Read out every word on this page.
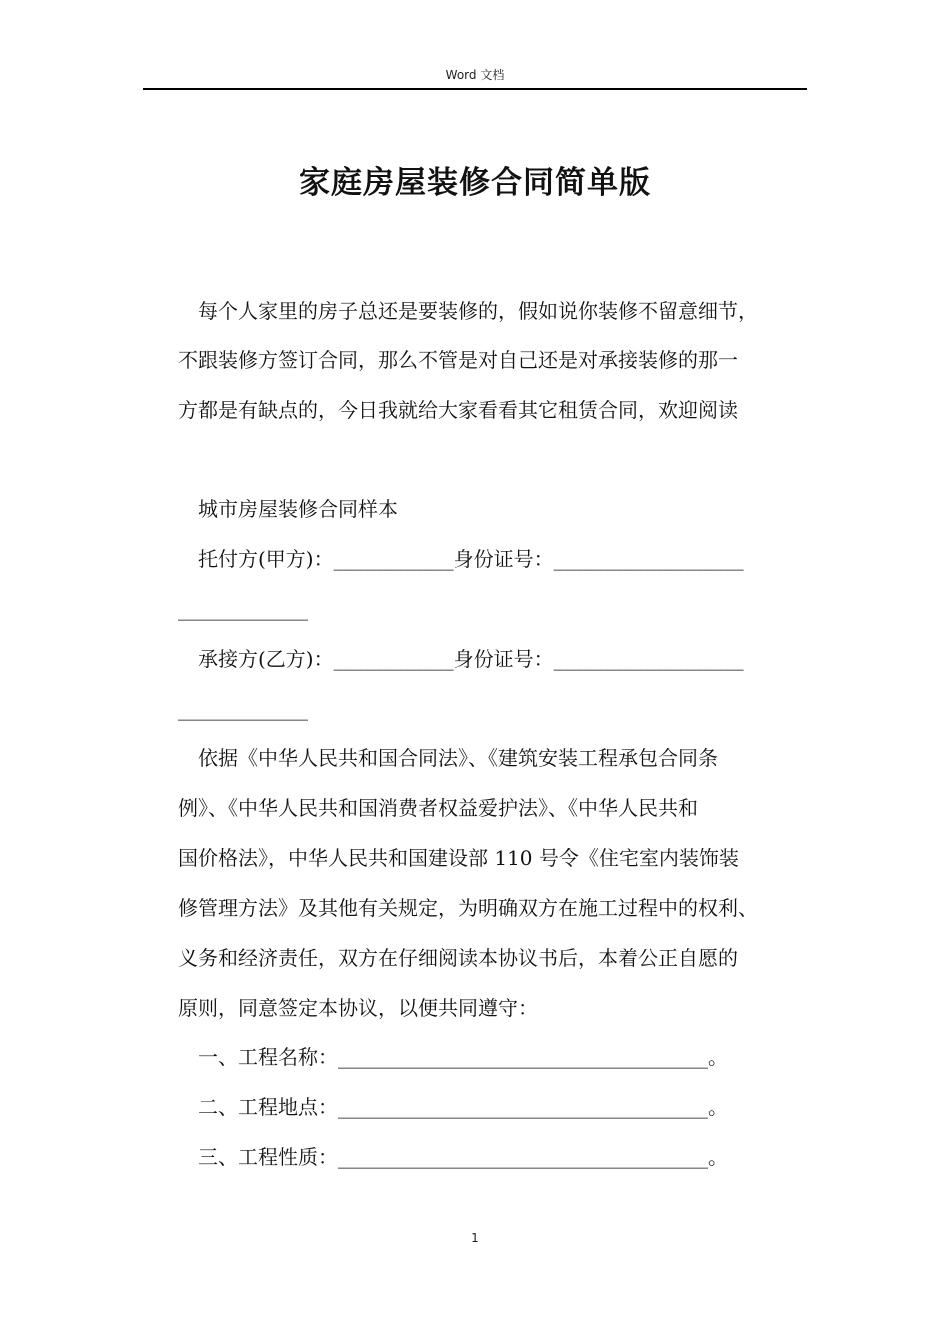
Word 文档
家庭房屋装修合同简单版
每个人家里的房子总还是要装修的，假如说你装修不留意细节，
不跟装修方签订合同，那么不管是对自己还是对承接装修的那一
方都是有缺点的，今日我就给大家看看其它租赁合同，欢迎阅读
城市房屋装修合同样本
托付方(甲方)：____________身份证号：___________________
_____________
承接方(乙方)：____________身份证号：___________________
_____________
依据《中华人民共和国合同法》、《建筑安装工程承包合同条
例》、《中华人民共和国消费者权益爱护法》、《中华人民共和
国价格法》，中华人民共和国建设部 110 号令《住宅室内装饰装
修管理方法》及其他有关规定，为明确双方在施工过程中的权利、
义务和经济责任，双方在仔细阅读本协议书后，本着公正自愿的
原则，同意签定本协议，以便共同遵守：
一、工程名称：_____________________________________。
二、工程地点：_____________________________________。
三、工程性质：_____________________________________。
1
